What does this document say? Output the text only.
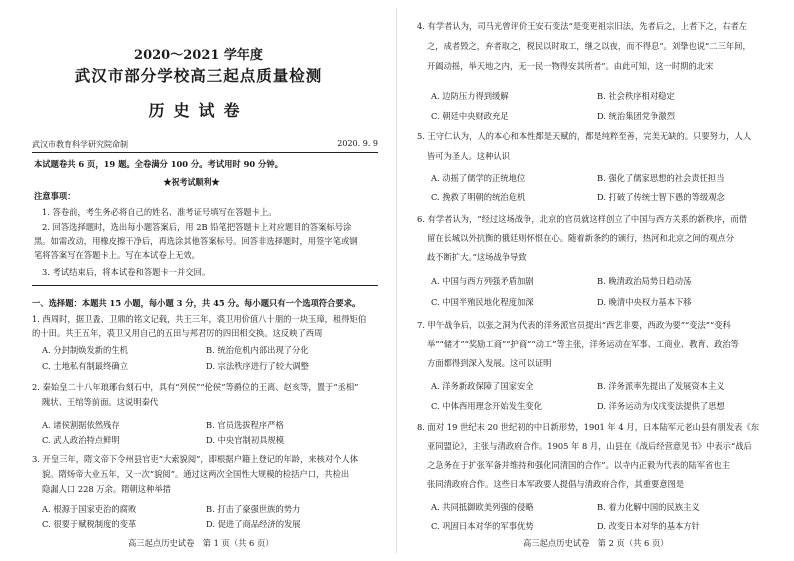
2020～2021 学年度
武汉市部分学校高三起点质量检测
历史试卷
武汉市教育科学研究院命制	2020. 9. 9
本试题卷共 6 页，19 题。全卷满分 100 分。考试用时 90 分钟。
★祝考试顺利★
注意事项：
1. 答卷前，考生务必将自己的姓名、准考证号填写在答题卡上。
2. 回答选择题时，选出每小题答案后，用 2B 铅笔把答题卡上对应题目的答案标号涂
黑。如需改动，用橡皮擦干净后，再选涂其他答案标号。回答非选择题时，用签字笔或钢
笔将答案写在答题卡上。写在本试卷上无效。
3. 考试结束后，将本试卷和答题卡一并交回。
一、选择题：本题共 15 小题，每小题 3 分，共 45 分。每小题只有一个选项符合要求。
1. 西周时，据卫盉、卫鼎的铭文记载，共王三年，裘卫用价值八十朋的一块玉璋，租得矩伯
的十田。共王五年，裘卫又用自己的五田与邦君厉的四田相交换。这反映了西周
A. 分封制焕发新的生机	B. 统治危机内部出现了分化
C. 土地私有制最终确立	D. 宗法秩序进行了较大调整
2. 秦始皇二十八年琅琊台刻石中，具有“列侯”“伦侯”等爵位的王离、赵亥等，置于“丞相”
隗状、王绾等前面。这说明秦代
A. 诸侯割据依然残存	B. 官员选拔程序严格
C. 武人政治特点鲜明	D. 中央官制初具规模
3. 开皇三年，隋文帝下令州县官吏“大索貌阅”，即根据户籍上登记的年龄，来核对个人体
貌。隋炀帝大业五年，又一次“貌阅”。通过这两次全国性大规模的检括户口，共检出
隐漏人口 228 万余。隋朝这种举措
A. 根源于国家吏治的腐败	B. 打击了豪强世族的势力
C. 很要于赋税制度的变革	D. 促进了商品经济的发展
高三起点历史试卷　第 1 页（共 6 页）
4. 有学者认为，司马光曾评价王安石变法“是变更祖宗旧法，先者后之，上者下之，右者左
之，成者毁之，弃者取之，税民以时取工，继之以夜，而不得息”。刘挚也说“二三年间，
开阖动摇，举天地之内，无一民一物得安其所者”。由此可知，这一时期的北宋
A. 边防压力得到缓解	B. 社会秩序相对稳定
C. 朝廷中央财政充足	D. 统治集团党争激烈
5. 王守仁认为，人的本心和本性都是天赋的，都是纯粹至善，完美无缺的。只要努力，人人
皆可为圣人。这种认识
A. 动摇了儒学的正统地位	B. 强化了儒家思想的社会责任担当
C. 挽救了明朝的统治危机	D. 打破了传统士智下愚的等级观念
6. 有学者认为，“经过这场战争，北京的官员就这样创立了中国与西方关系的新秩序，而借
留在长城以外抗衡的俄廷则怀恨在心。随着新条约的颁行，热河和北京之间的观点分
歧不断扩大。”这场战争导致
A. 中国与西方列强矛盾加剧	B. 晚清政治局势日趋动荡
C. 中国半殖民地化程度加深	D. 晚清中央权力基本下移
7. 甲午战争后，以张之洞为代表的洋务派官员提出“西艺非要，西政为要”“变法”“变科
举”“储才”“奖励工商”“护商”“动工”等主张，洋务运动在军事、工商业、教育、政治等
方面都得到深入发展。这可以证明
A. 洋务新政保障了国家安全	B. 洋务派率先提出了发展资本主义
C. 中体西用理念开始发生变化	D. 洋务运动为戊戌变法提供了思想
8. 面对 19 世纪末 20 世纪初的中日新形势，1901 年 4 月，日本陆军元老山县有朋发表《东
亚同盟论》，主张与清政府合作。1905 年 8 月，山县在《战后经营意见书》中表示“战后
之急务在于扩张军备并维持和强化同清国的合作”。以寺内正毅为代表的陆军省也主
张同清政府合作。这些日本军政要人提倡与清政府合作，其重要意图是
A. 共同抵御欧美列强的侵略	B. 着力化解中国的民族主义
C. 巩固日本对华的军事优势	D. 改变日本对华的基本方针
高三起点历史试卷　第 2 页（共 6 页）
